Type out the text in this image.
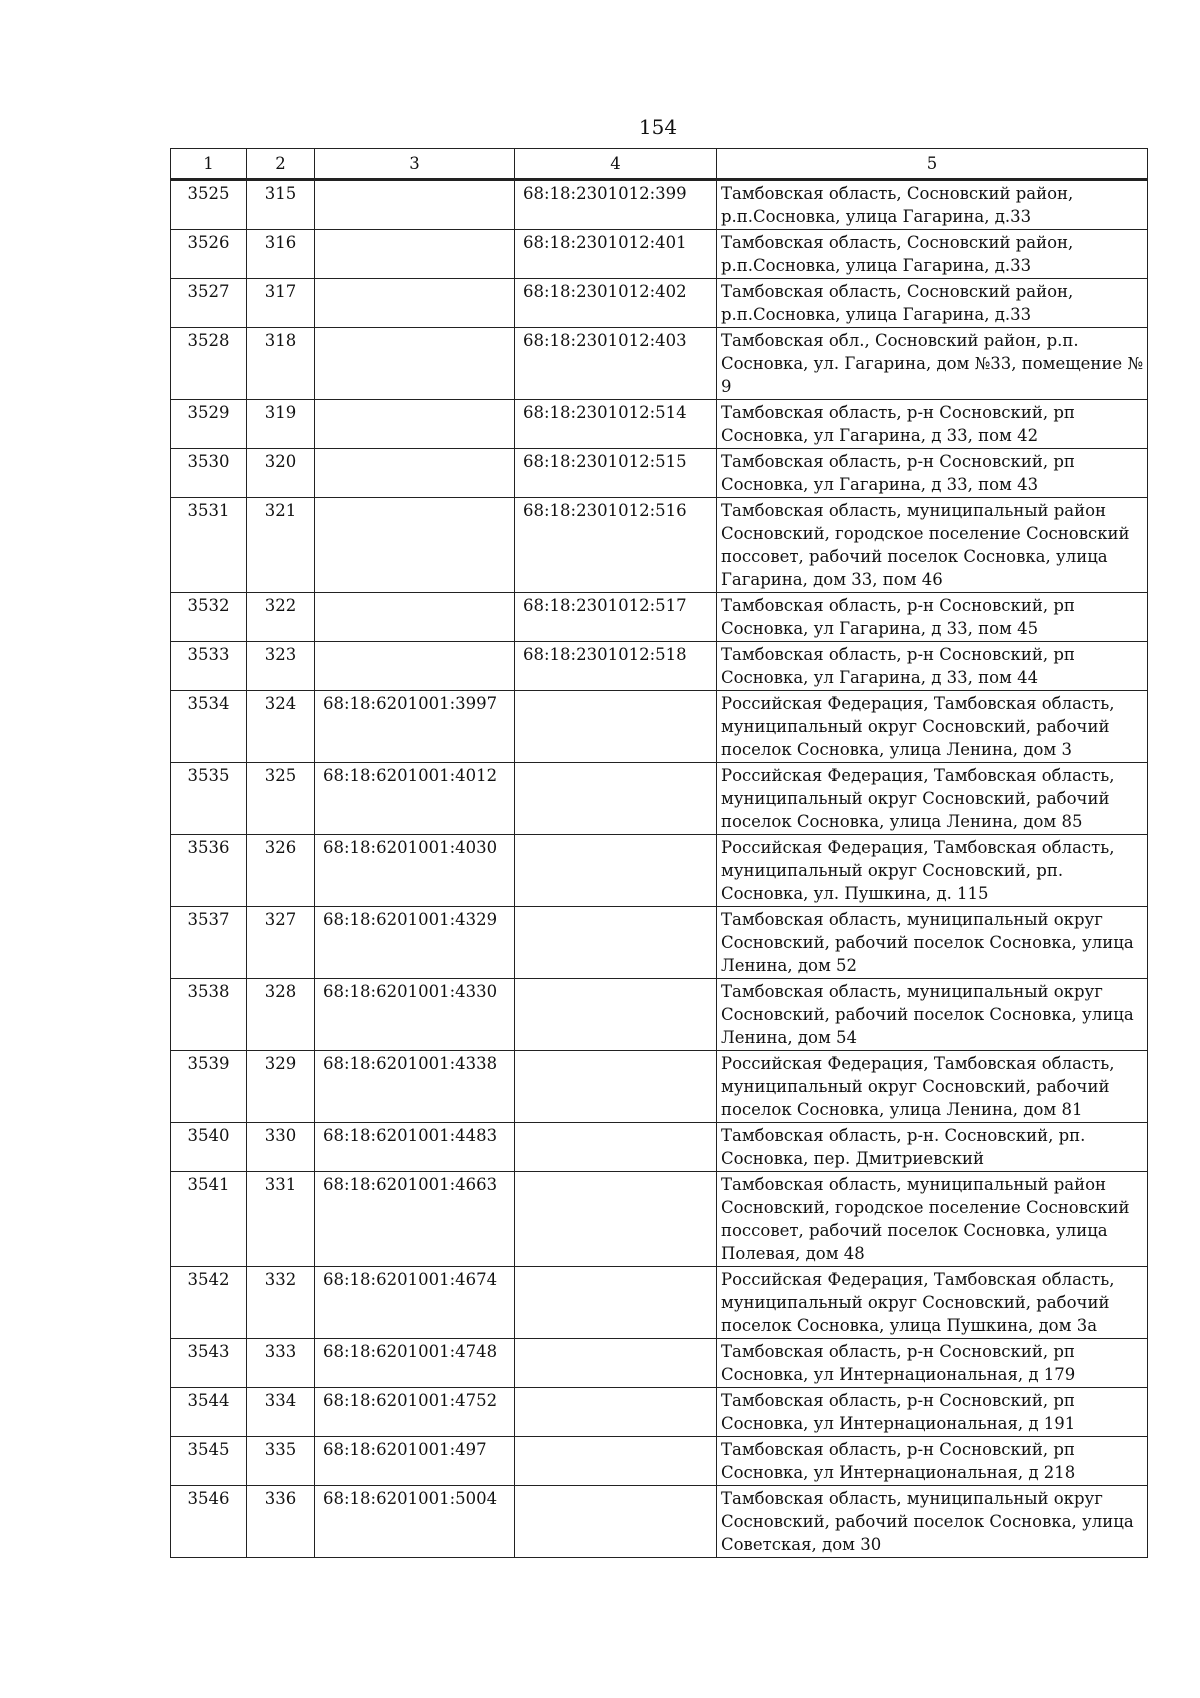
154
1	2	3	4	5
3525	315		68:18:2301012:399	Тамбовская область, Сосновский район, р.п.Сосновка, улица Гагарина, д.33
3526	316		68:18:2301012:401	Тамбовская область, Сосновский район, р.п.Сосновка, улица Гагарина, д.33
3527	317		68:18:2301012:402	Тамбовская область, Сосновский район, р.п.Сосновка, улица Гагарина, д.33
3528	318		68:18:2301012:403	Тамбовская обл., Сосновский район, р.п. Сосновка, ул. Гагарина, дом №33, помещение № 9
3529	319		68:18:2301012:514	Тамбовская область, р-н Сосновский, рп Сосновка, ул Гагарина, д 33, пом 42
3530	320		68:18:2301012:515	Тамбовская область, р-н Сосновский, рп Сосновка, ул Гагарина, д 33, пом 43
3531	321		68:18:2301012:516	Тамбовская область, муниципальный район Сосновский, городское поселение Сосновский поссовет, рабочий поселок Сосновка, улица Гагарина, дом 33, пом 46
3532	322		68:18:2301012:517	Тамбовская область, р-н Сосновский, рп Сосновка, ул Гагарина, д 33, пом 45
3533	323		68:18:2301012:518	Тамбовская область, р-н Сосновский, рп Сосновка, ул Гагарина, д 33, пом 44
3534	324	68:18:6201001:3997		Российская Федерация, Тамбовская область, муниципальный округ Сосновский, рабочий поселок Сосновка, улица Ленина, дом 3
3535	325	68:18:6201001:4012		Российская Федерация, Тамбовская область, муниципальный округ Сосновский, рабочий поселок Сосновка, улица Ленина, дом 85
3536	326	68:18:6201001:4030		Российская Федерация, Тамбовская область, муниципальный округ Сосновский, рп. Сосновка, ул. Пушкина, д. 115
3537	327	68:18:6201001:4329		Тамбовская область, муниципальный округ Сосновский, рабочий поселок Сосновка, улица Ленина, дом 52
3538	328	68:18:6201001:4330		Тамбовская область, муниципальный округ Сосновский, рабочий поселок Сосновка, улица Ленина, дом 54
3539	329	68:18:6201001:4338		Российская Федерация, Тамбовская область, муниципальный округ Сосновский, рабочий поселок Сосновка, улица Ленина, дом 81
3540	330	68:18:6201001:4483		Тамбовская область, р-н. Сосновский, рп. Сосновка, пер. Дмитриевский
3541	331	68:18:6201001:4663		Тамбовская область, муниципальный район Сосновский, городское поселение Сосновский поссовет, рабочий поселок Сосновка, улица Полевая, дом 48
3542	332	68:18:6201001:4674		Российская Федерация, Тамбовская область, муниципальный округ Сосновский, рабочий поселок Сосновка, улица Пушкина, дом 3а
3543	333	68:18:6201001:4748		Тамбовская область, р-н Сосновский, рп Сосновка, ул Интернациональная, д 179
3544	334	68:18:6201001:4752		Тамбовская область, р-н Сосновский, рп Сосновка, ул Интернациональная, д 191
3545	335	68:18:6201001:497		Тамбовская область, р-н Сосновский, рп Сосновка, ул Интернациональная, д 218
3546	336	68:18:6201001:5004		Тамбовская область, муниципальный округ Сосновский, рабочий поселок Сосновка, улица Советская, дом 30
